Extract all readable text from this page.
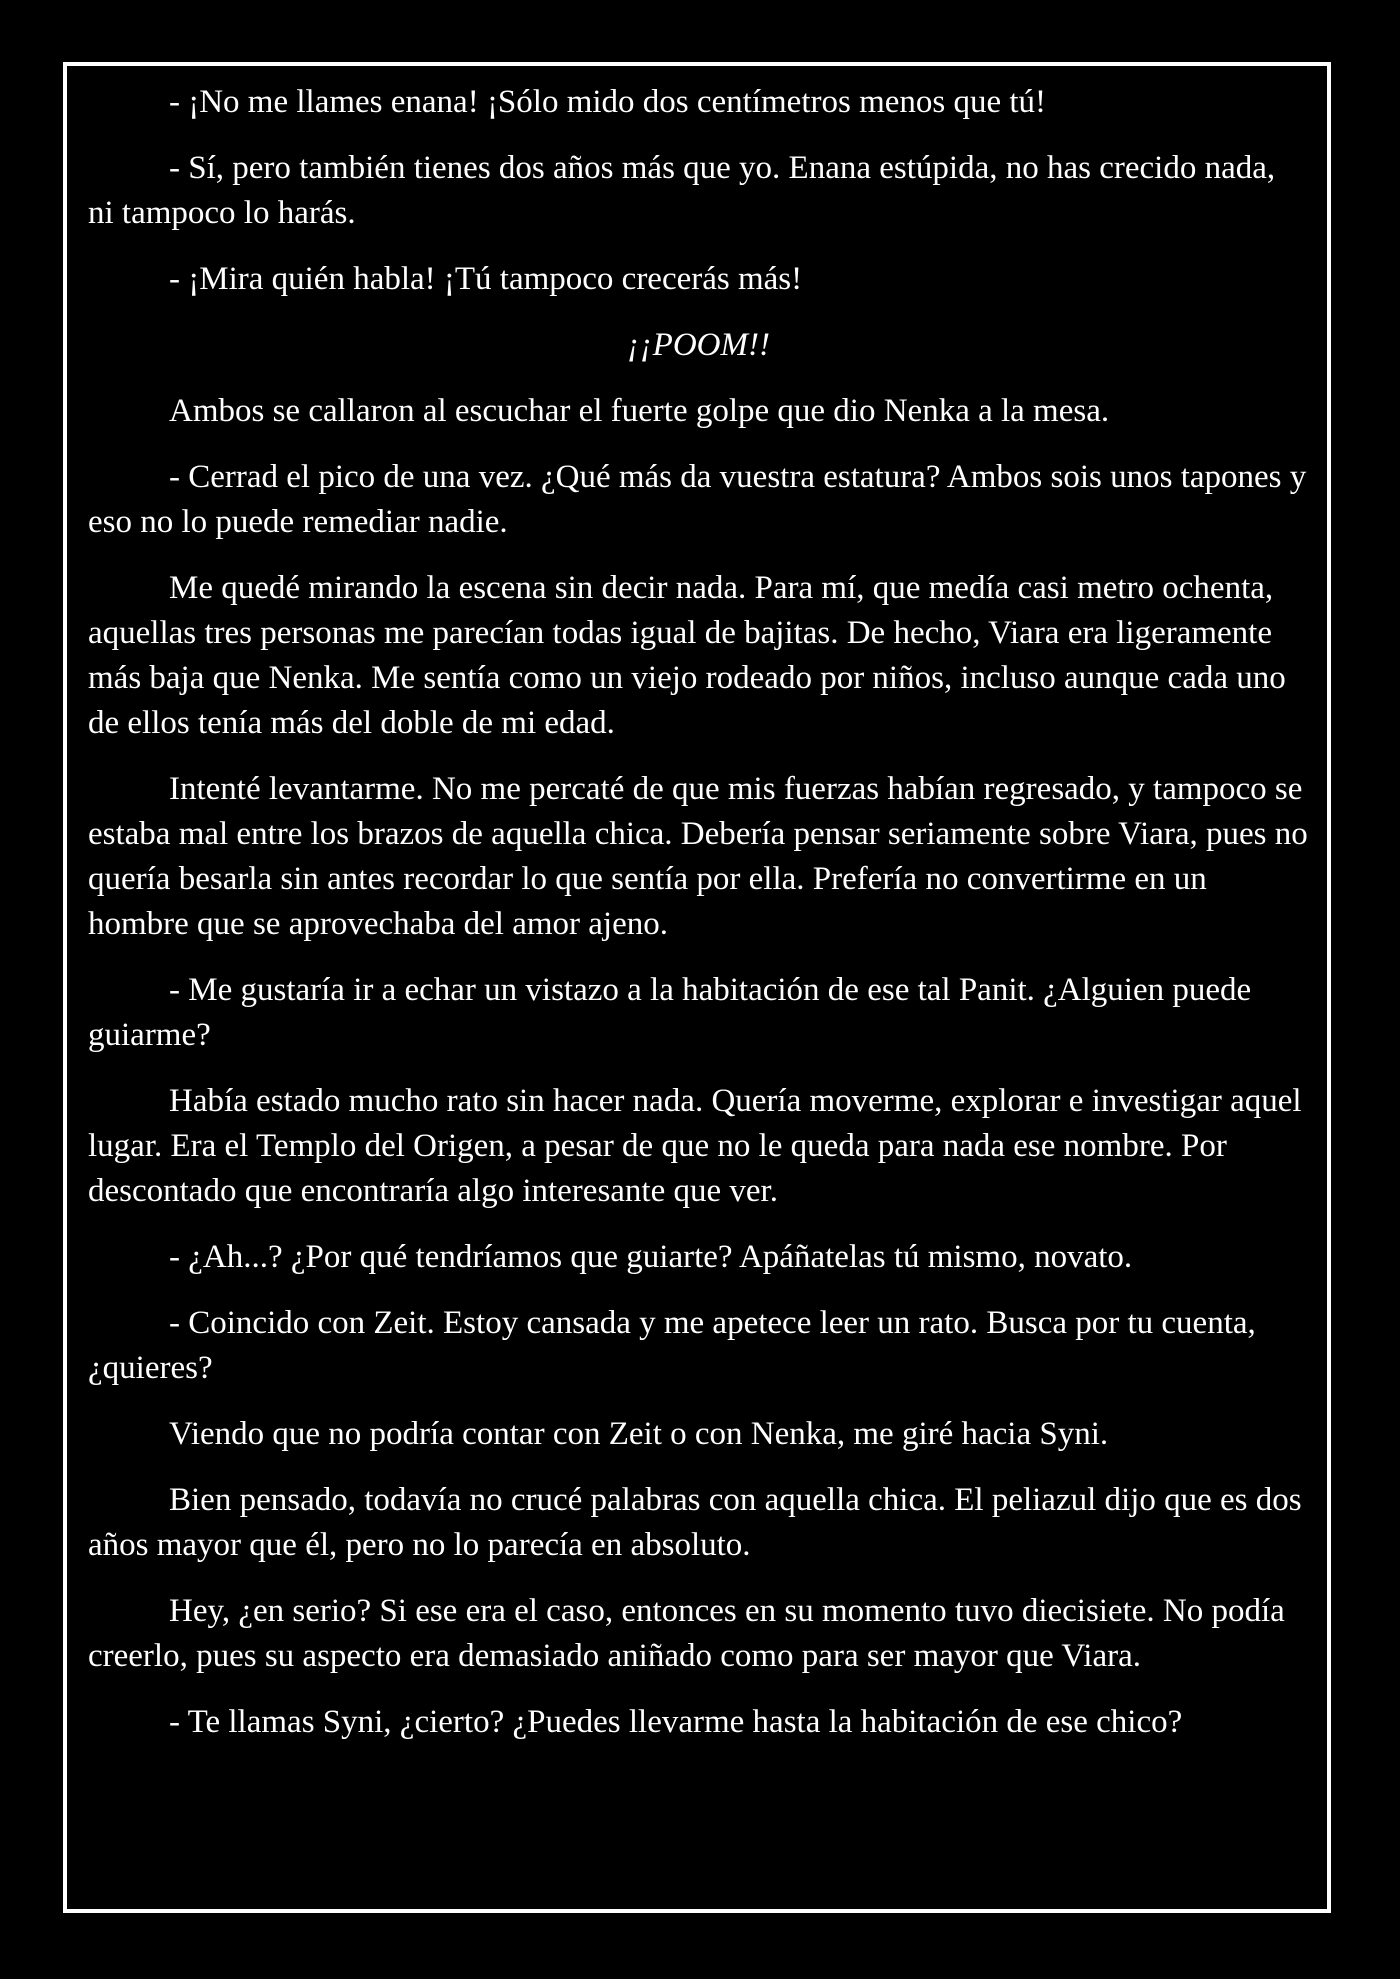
- ¡No me llames enana! ¡Sólo mido dos centímetros menos que tú!

- Sí, pero también tienes dos años más que yo. Enana estúpida, no has crecido nada, ni tampoco lo harás.

- ¡Mira quién habla! ¡Tú tampoco crecerás más!

¡¡POOM!!

Ambos se callaron al escuchar el fuerte golpe que dio Nenka a la mesa.

- Cerrad el pico de una vez. ¿Qué más da vuestra estatura? Ambos sois unos tapones y eso no lo puede remediar nadie.

Me quedé mirando la escena sin decir nada. Para mí, que medía casi metro ochenta, aquellas tres personas me parecían todas igual de bajitas. De hecho, Viara era ligeramente más baja que Nenka. Me sentía como un viejo rodeado por niños, incluso aunque cada uno de ellos tenía más del doble de mi edad.

Intenté levantarme. No me percaté de que mis fuerzas habían regresado, y tampoco se estaba mal entre los brazos de aquella chica. Debería pensar seriamente sobre Viara, pues no quería besarla sin antes recordar lo que sentía por ella. Prefería no convertirme en un hombre que se aprovechaba del amor ajeno.

- Me gustaría ir a echar un vistazo a la habitación de ese tal Panit. ¿Alguien puede guiarme?

Había estado mucho rato sin hacer nada. Quería moverme, explorar e investigar aquel lugar. Era el Templo del Origen, a pesar de que no le queda para nada ese nombre. Por descontado que encontraría algo interesante que ver.

- ¿Ah...? ¿Por qué tendríamos que guiarte? Apáñatelas tú mismo, novato.

- Coincido con Zeit. Estoy cansada y me apetece leer un rato. Busca por tu cuenta, ¿quieres?

Viendo que no podría contar con Zeit o con Nenka, me giré hacia Syni.

Bien pensado, todavía no crucé palabras con aquella chica. El peliazul dijo que es dos años mayor que él, pero no lo parecía en absoluto.

Hey, ¿en serio? Si ese era el caso, entonces en su momento tuvo diecisiete. No podía creerlo, pues su aspecto era demasiado aniñado como para ser mayor que Viara.

- Te llamas Syni, ¿cierto? ¿Puedes llevarme hasta la habitación de ese chico?
